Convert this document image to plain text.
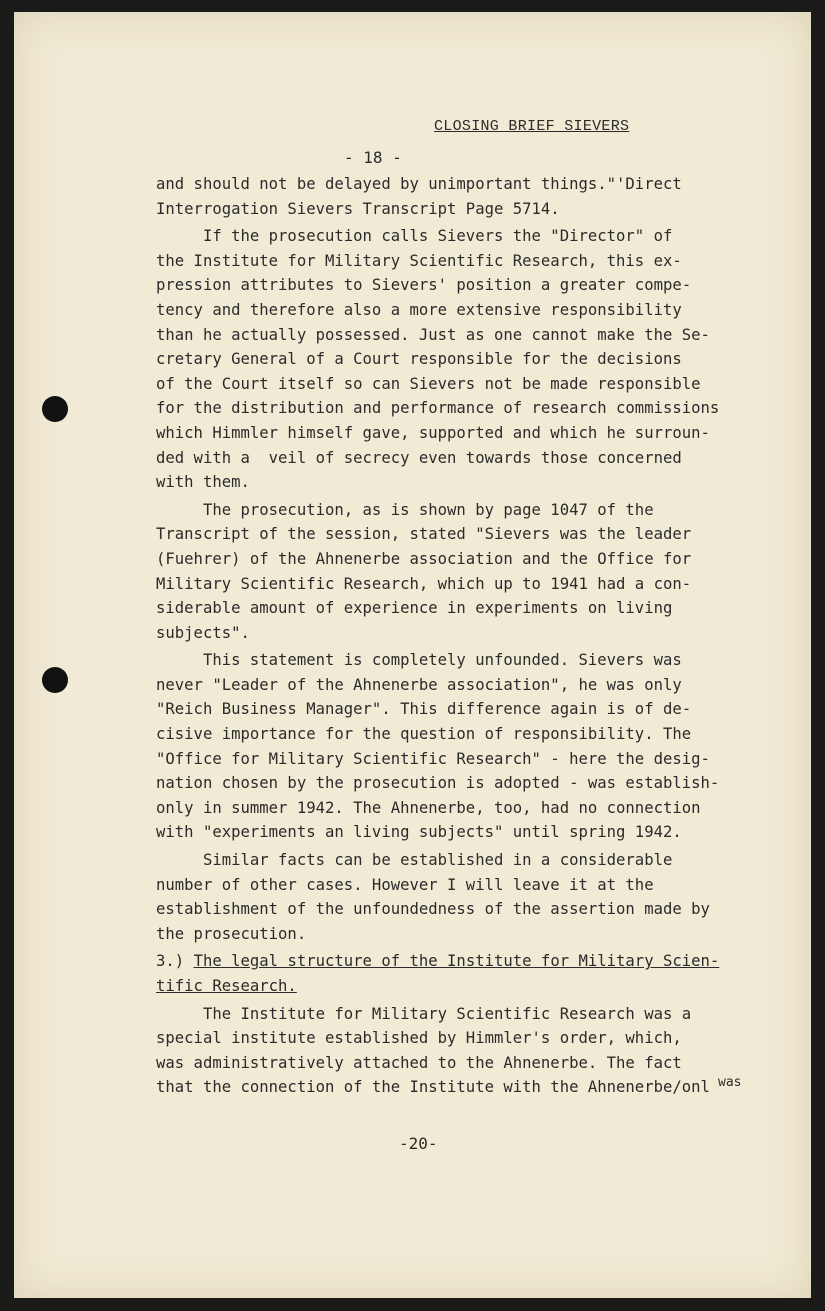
CLOSING BRIEF SIEVERS
- 18 -
and should not be delayed by unimportant things."'Direct
Interrogation Sievers Transcript Page 5714.
If the prosecution calls Sievers the "Director" of
the Institute for Military Scientific Research, this ex-
pression attributes to Sievers' position a greater compe-
tency and therefore also a more extensive responsibility
than he actually possessed. Just as one cannot make the Se-
cretary General of a Court responsible for the decisions
of the Court itself so can Sievers not be made responsible
for the distribution and performance of research commissions
which Himmler himself gave, supported and which he surroun-
ded with a  veil of secrecy even towards those concerned
with them.
The prosecution, as is shown by page 1047 of the
Transcript of the session, stated "Sievers was the leader
(Fuehrer) of the Ahnenerbe association and the Office for
Military Scientific Research, which up to 1941 had a con-
siderable amount of experience in experiments on living
subjects".
This statement is completely unfounded. Sievers was
never "Leader of the Ahnenerbe association", he was only
"Reich Business Manager". This difference again is of de-
cisive importance for the question of responsibility. The
"Office for Military Scientific Research" - here the desig-
nation chosen by the prosecution is adopted - was establish-
only in summer 1942. The Ahnenerbe, too, had no connection
with "experiments an living subjects" until spring 1942.
Similar facts can be established in a considerable
number of other cases. However I will leave it at the
establishment of the unfoundedness of the assertion made by
the prosecution.
3.) The legal structure of the Institute for Military Scien-
tific Research.
The Institute for Military Scientific Research was a
special institute established by Himmler's order, which,
was administratively attached to the Ahnenerbe. The fact
that the connection of the Institute with the Ahnenerbe/onl was
-20-
